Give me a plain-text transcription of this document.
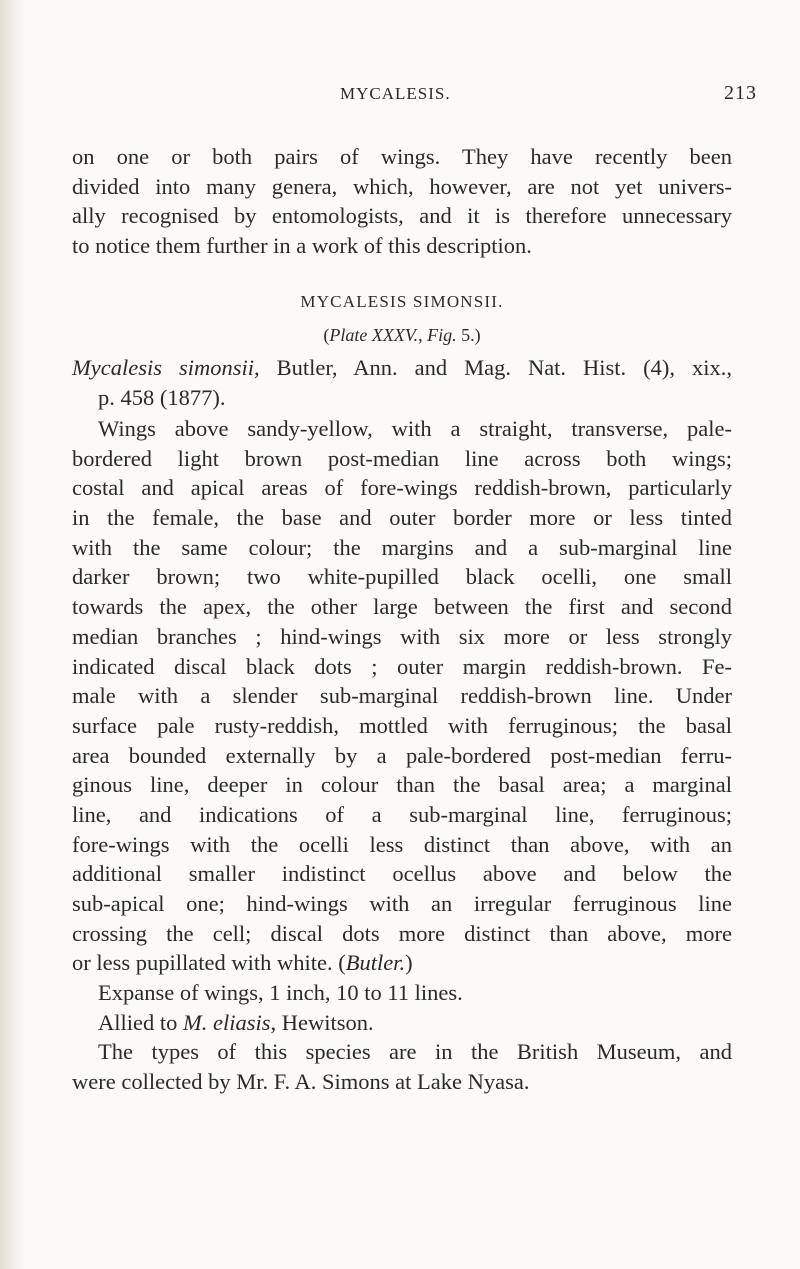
MYCALESIS.	213
on one or both pairs of wings. They have recently been
divided into many genera, which, however, are not yet univers-
ally recognised by entomologists, and it is therefore unnecessary
to notice them further in a work of this description.
MYCALESIS SIMONSII.
(Plate XXXV., Fig. 5.)
Mycalesis simonsii, Butler, Ann. and Mag. Nat. Hist. (4), xix.,
p. 458 (1877).
Wings above sandy-yellow, with a straight, transverse, pale-
bordered light brown post-median line across both wings;
costal and apical areas of fore-wings reddish-brown, particularly
in the female, the base and outer border more or less tinted
with the same colour; the margins and a sub-marginal line
darker brown; two white-pupilled black ocelli, one small
towards the apex, the other large between the first and second
median branches ; hind-wings with six more or less strongly
indicated discal black dots ; outer margin reddish-brown. Fe-
male with a slender sub-marginal reddish-brown line. Under
surface pale rusty-reddish, mottled with ferruginous; the basal
area bounded externally by a pale-bordered post-median ferru-
ginous line, deeper in colour than the basal area; a marginal
line, and indications of a sub-marginal line, ferruginous;
fore-wings with the ocelli less distinct than above, with an
additional smaller indistinct ocellus above and below the
sub-apical one; hind-wings with an irregular ferruginous line
crossing the cell; discal dots more distinct than above, more
or less pupillated with white. (Butler.)
Expanse of wings, 1 inch, 10 to 11 lines.
Allied to M. eliasis, Hewitson.
The types of this species are in the British Museum, and
were collected by Mr. F. A. Simons at Lake Nyasa.
